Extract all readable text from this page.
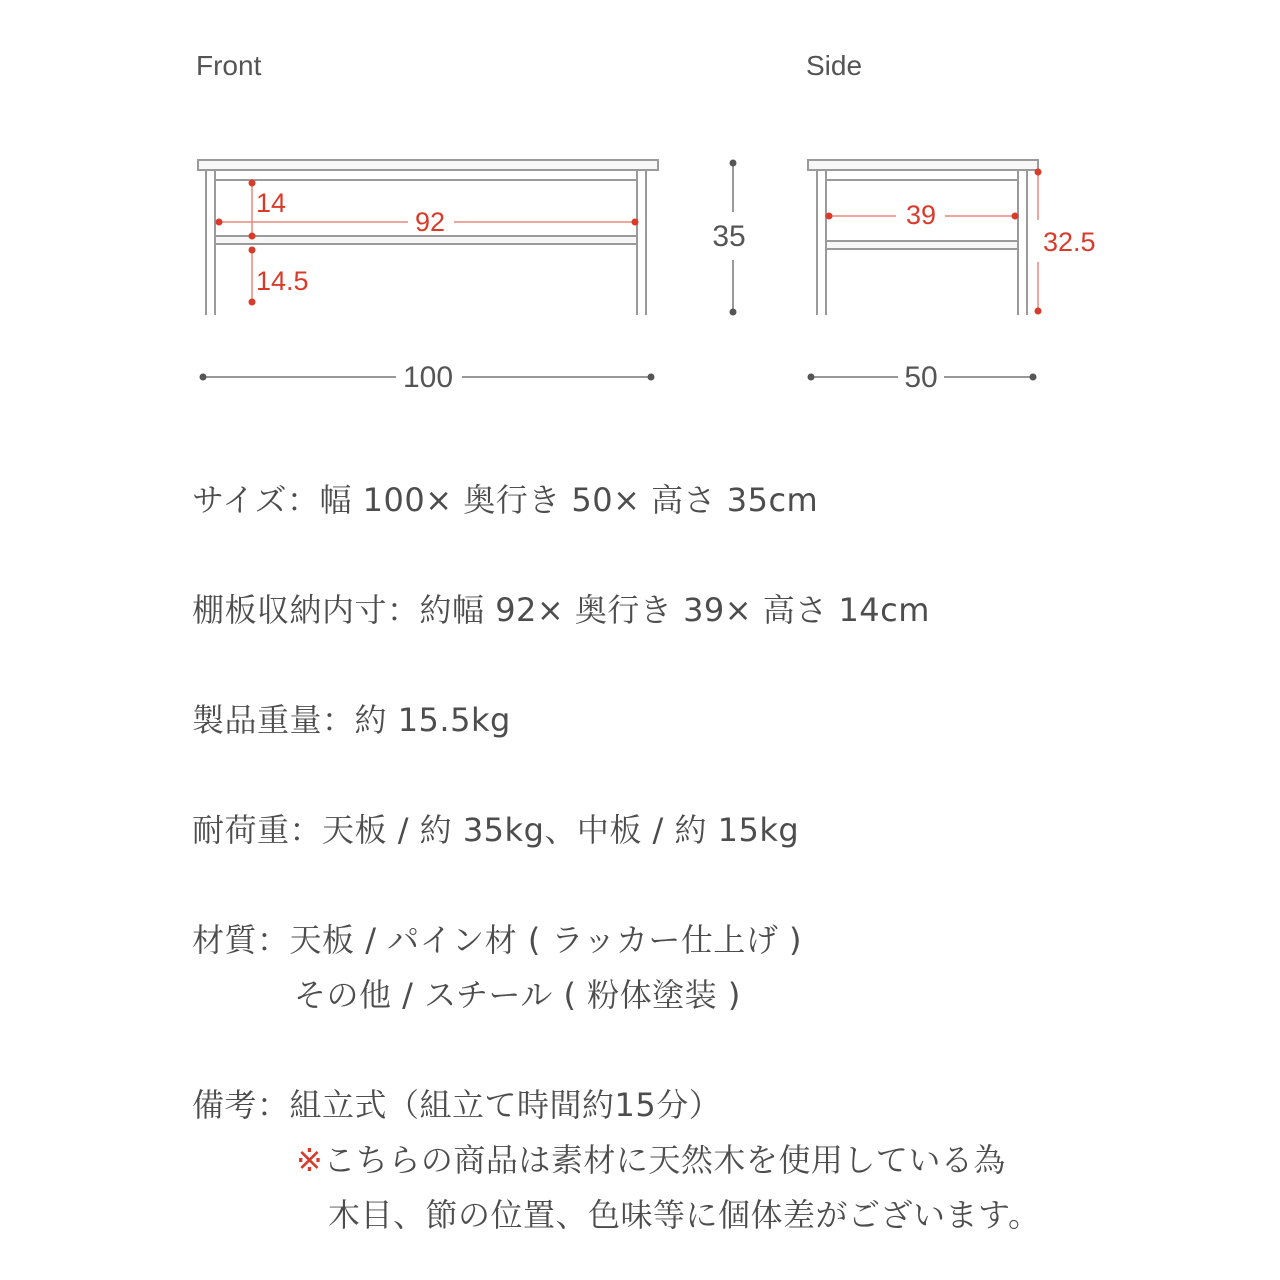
Front
14
92
14.5
100
35
Side
39
32.5
50
サイズ：幅 100× 奥行き 50× 高さ 35cm
棚板収納内寸：約幅 92× 奥行き 39× 高さ 14cm
製品重量：約 15.5kg
耐荷重：天板 / 約 35kg、中板 / 約 15kg
材質：天板 / パイン材 ( ラッカー仕上げ )
その他 / スチール ( 粉体塗装 )
備考：組立式（組立て時間約15分）
※こちらの商品は素材に天然木を使用している為
木目、節の位置、色味等に個体差がございます。
